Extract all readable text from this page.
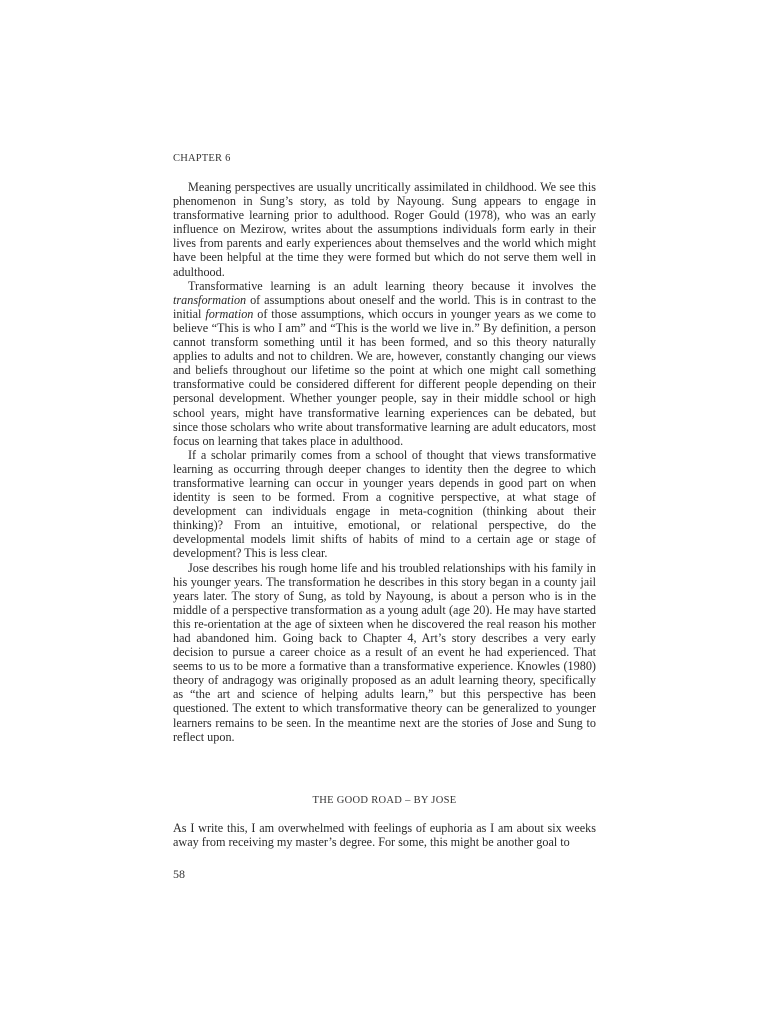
CHAPTER 6

Meaning perspectives are usually uncritically assimilated in childhood. We see this phenomenon in Sung’s story, as told by Nayoung. Sung appears to engage in transformative learning prior to adulthood. Roger Gould (1978), who was an early influence on Mezirow, writes about the assumptions individuals form early in their lives from parents and early experiences about themselves and the world which might have been helpful at the time they were formed but which do not serve them well in adulthood.

Transformative learning is an adult learning theory because it involves the transformation of assumptions about oneself and the world. This is in contrast to the initial formation of those assumptions, which occurs in younger years as we come to believe “This is who I am” and “This is the world we live in.” By definition, a person cannot transform something until it has been formed, and so this theory naturally applies to adults and not to children. We are, however, constantly changing our views and beliefs throughout our lifetime so the point at which one might call something transformative could be considered different for different people depending on their personal development. Whether younger people, say in their middle school or high school years, might have transformative learning experiences can be debated, but since those scholars who write about transformative learning are adult educators, most focus on learning that takes place in adulthood.

If a scholar primarily comes from a school of thought that views transformative learning as occurring through deeper changes to identity then the degree to which transformative learning can occur in younger years depends in good part on when identity is seen to be formed. From a cognitive perspective, at what stage of development can individuals engage in meta-cognition (thinking about their thinking)? From an intuitive, emotional, or relational perspective, do the developmental models limit shifts of habits of mind to a certain age or stage of development? This is less clear.

Jose describes his rough home life and his troubled relationships with his family in his younger years. The transformation he describes in this story began in a county jail years later. The story of Sung, as told by Nayoung, is about a person who is in the middle of a perspective transformation as a young adult (age 20). He may have started this re-orientation at the age of sixteen when he discovered the real reason his mother had abandoned him. Going back to Chapter 4, Art’s story describes a very early decision to pursue a career choice as a result of an event he had experienced. That seems to us to be more a formative than a transformative experience. Knowles (1980) theory of andragogy was originally proposed as an adult learning theory, specifically as “the art and science of helping adults learn,” but this perspective has been questioned. The extent to which transformative theory can be generalized to younger learners remains to be seen. In the meantime next are the stories of Jose and Sung to reflect upon.

THE GOOD ROAD – BY JOSE

As I write this, I am overwhelmed with feelings of euphoria as I am about six weeks away from receiving my master’s degree. For some, this might be another goal to

58
